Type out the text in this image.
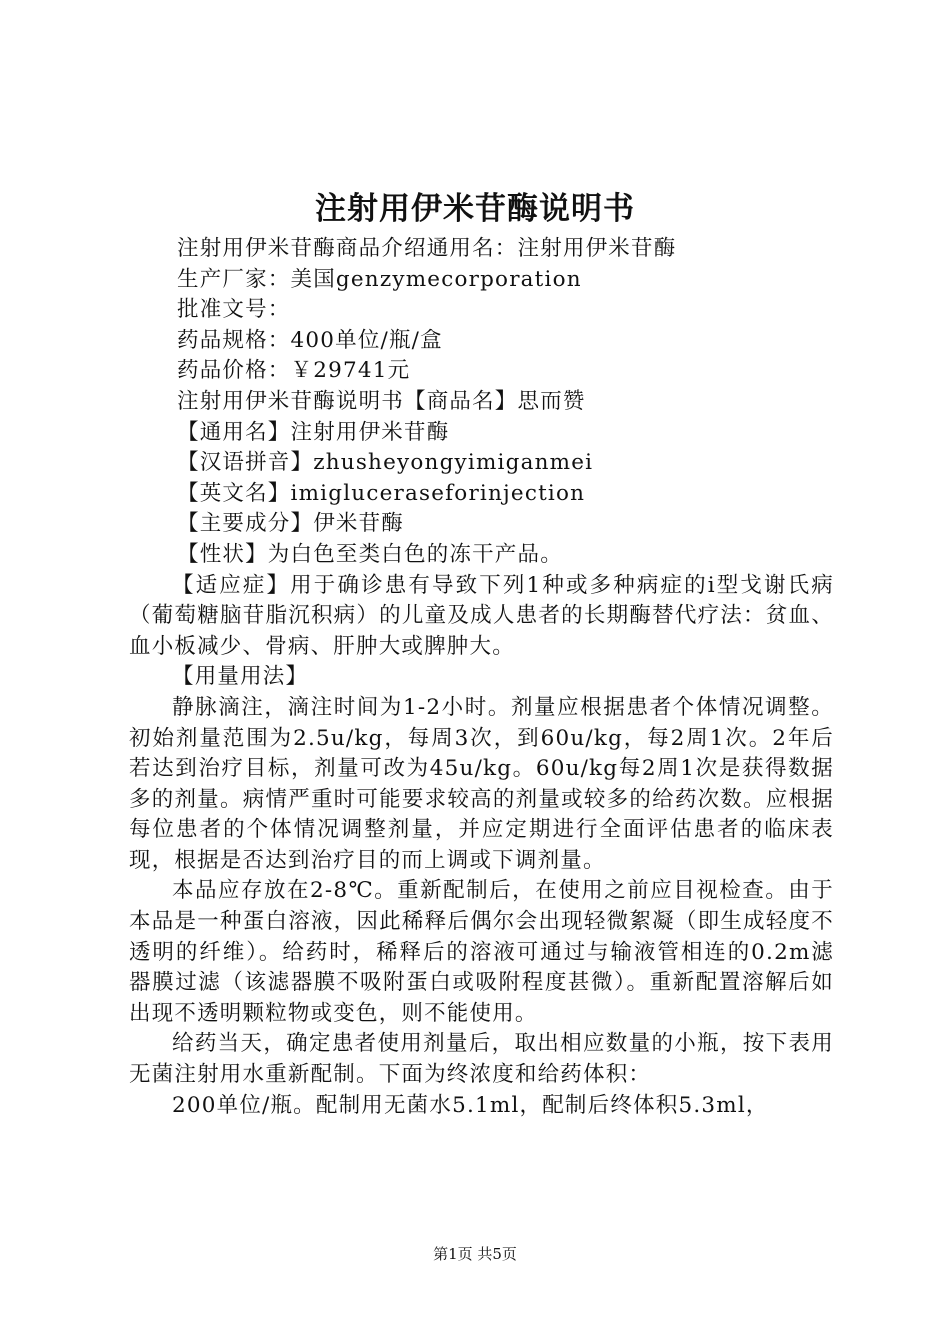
注射用伊米苷酶说明书

注射用伊米苷酶商品介绍通用名：注射用伊米苷酶

生产厂家：美国genzymecorporation

批准文号：

药品规格：400单位/瓶/盒

药品价格：￥29741元

注射用伊米苷酶说明书【商品名】思而赞

【通用名】注射用伊米苷酶

【汉语拼音】zhusheyongyimiganmei

【英文名】imigluceraseforinjection

【主要成分】伊米苷酶

【性状】为白色至类白色的冻干产品。

【适应症】用于确诊患有导致下列1种或多种病症的i型戈谢氏病（葡萄糖脑苷脂沉积病）的儿童及成人患者的长期酶替代疗法：贫血、血小板减少、骨病、肝肿大或脾肿大。

【用量用法】

静脉滴注，滴注时间为1-2小时。剂量应根据患者个体情况调整。初始剂量范围为2.5u/kg，每周3次，到60u/kg，每2周1次。2年后若达到治疗目标，剂量可改为45u/kg。60u/kg每2周1次是获得数据多的剂量。病情严重时可能要求较高的剂量或较多的给药次数。应根据每位患者的个体情况调整剂量，并应定期进行全面评估患者的临床表现，根据是否达到治疗目的而上调或下调剂量。

本品应存放在2-8℃。重新配制后，在使用之前应目视检查。由于本品是一种蛋白溶液，因此稀释后偶尔会出现轻微絮凝（即生成轻度不透明的纤维）。给药时，稀释后的溶液可通过与输液管相连的0.2m滤器膜过滤（该滤器膜不吸附蛋白或吸附程度甚微）。重新配置溶解后如出现不透明颗粒物或变色，则不能使用。

给药当天，确定患者使用剂量后，取出相应数量的小瓶，按下表用无菌注射用水重新配制。下面为终浓度和给药体积：

200单位/瓶。配制用无菌水5.1ml，配制后终体积5.3ml，

第1页 共5页
